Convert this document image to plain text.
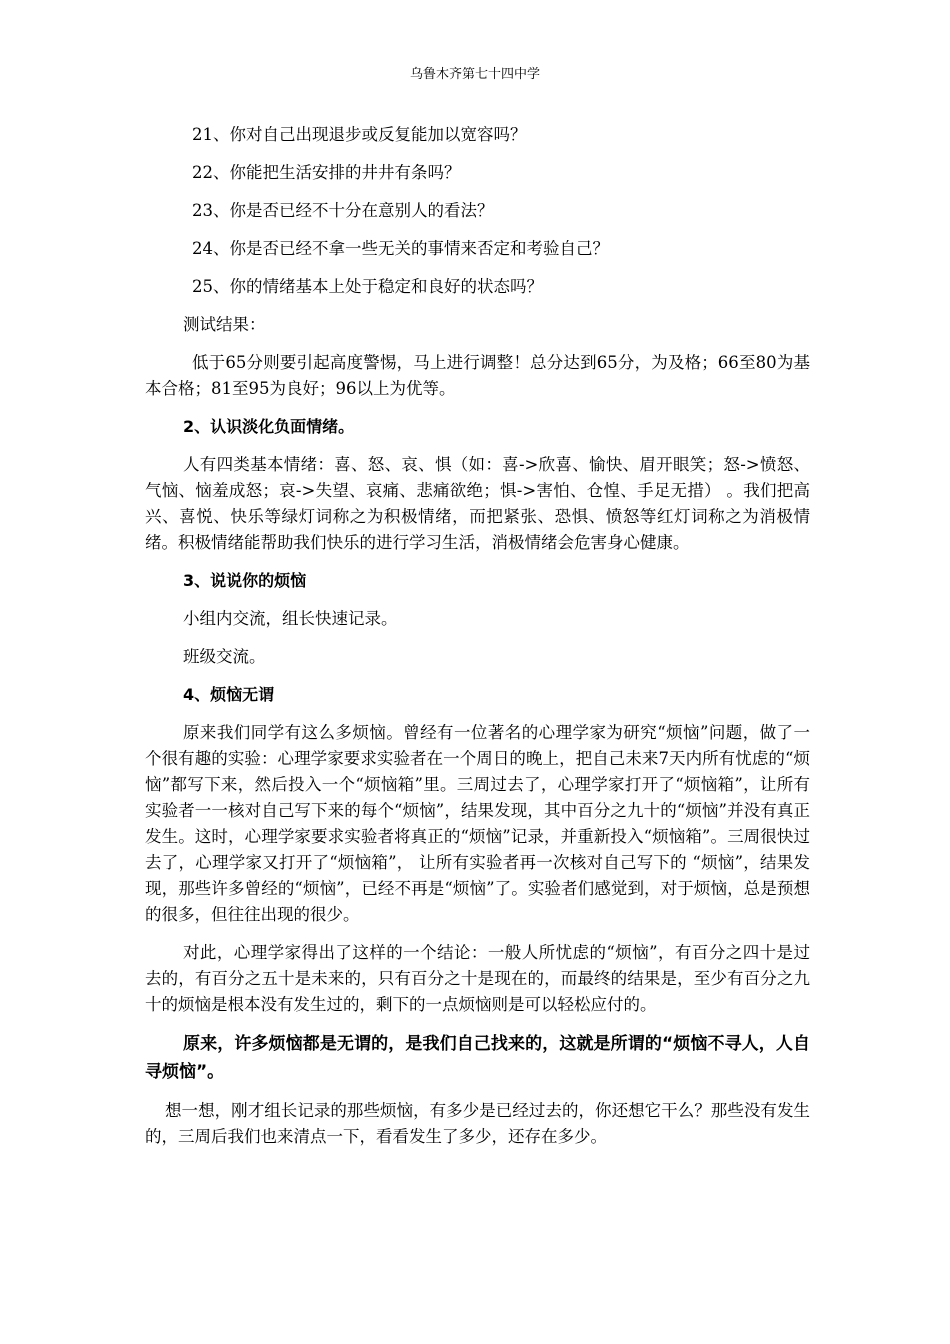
乌鲁木齐第七十四中学

21、你对自己出现退步或反复能加以宽容吗？

22、你能把生活安排的井井有条吗？

23、你是否已经不十分在意别人的看法？

24、你是否已经不拿一些无关的事情来否定和考验自己？

25、你的情绪基本上处于稳定和良好的状态吗？

测试结果：

低于65分则要引起高度警惕，马上进行调整！总分达到65分，为及格；66至80为基本合格；81至95为良好；96以上为优等。

2、认识淡化负面情绪。

人有四类基本情绪：喜、怒、哀、惧（如：喜->欣喜、愉快、眉开眼笑；怒->愤怒、气恼、恼羞成怒；哀->失望、哀痛、悲痛欲绝；惧->害怕、仓惶、手足无措） 。我们把高兴、喜悦、快乐等绿灯词称之为积极情绪，而把紧张、恐惧、愤怒等红灯词称之为消极情绪。积极情绪能帮助我们快乐的进行学习生活，消极情绪会危害身心健康。

3、说说你的烦恼

小组内交流，组长快速记录。

班级交流。

4、烦恼无谓

原来我们同学有这么多烦恼。曾经有一位著名的心理学家为研究“烦恼”问题，做了一个很有趣的实验：心理学家要求实验者在一个周日的晚上，把自己未来7天内所有忧虑的“烦恼”都写下来，然后投入一个“烦恼箱”里。三周过去了，心理学家打开了“烦恼箱”，让所有实验者一一核对自己写下来的每个“烦恼”，结果发现，其中百分之九十的“烦恼”并没有真正发生。这时，心理学家要求实验者将真正的“烦恼”记录，并重新投入“烦恼箱”。三周很快过去了，心理学家又打开了“烦恼箱”， 让所有实验者再一次核对自己写下的 “烦恼”，结果发现，那些许多曾经的“烦恼”，已经不再是“烦恼”了。实验者们感觉到，对于烦恼，总是预想的很多，但往往出现的很少。

对此，心理学家得出了这样的一个结论：一般人所忧虑的“烦恼”，有百分之四十是过去的，有百分之五十是未来的，只有百分之十是现在的，而最终的结果是，至少有百分之九十的烦恼是根本没有发生过的，剩下的一点烦恼则是可以轻松应付的。

原来，许多烦恼都是无谓的，是我们自己找来的，这就是所谓的“烦恼不寻人，人自寻烦恼”。

想一想，刚才组长记录的那些烦恼，有多少是已经过去的，你还想它干么？那些没有发生的，三周后我们也来清点一下，看看发生了多少，还存在多少。
